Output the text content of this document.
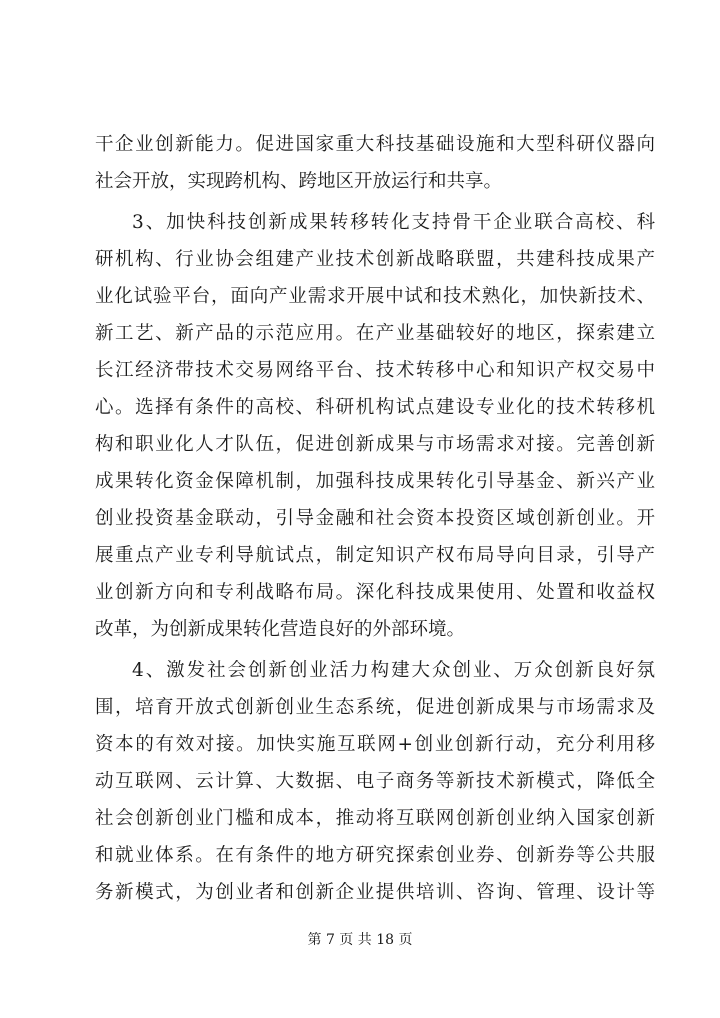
干企业创新能力。促进国家重大科技基础设施和大型科研仪器向
社会开放，实现跨机构、跨地区开放运行和共享。
3、加快科技创新成果转移转化支持骨干企业联合高校、科
研机构、行业协会组建产业技术创新战略联盟，共建科技成果产
业化试验平台，面向产业需求开展中试和技术熟化，加快新技术、
新工艺、新产品的示范应用。在产业基础较好的地区，探索建立
长江经济带技术交易网络平台、技术转移中心和知识产权交易中
心。选择有条件的高校、科研机构试点建设专业化的技术转移机
构和职业化人才队伍，促进创新成果与市场需求对接。完善创新
成果转化资金保障机制，加强科技成果转化引导基金、新兴产业
创业投资基金联动，引导金融和社会资本投资区域创新创业。开
展重点产业专利导航试点，制定知识产权布局导向目录，引导产
业创新方向和专利战略布局。深化科技成果使用、处置和收益权
改革，为创新成果转化营造良好的外部环境。
4、激发社会创新创业活力构建大众创业、万众创新良好氛
围，培育开放式创新创业生态系统，促进创新成果与市场需求及
资本的有效对接。加快实施互联网+创业创新行动，充分利用移
动互联网、云计算、大数据、电子商务等新技术新模式，降低全
社会创新创业门槛和成本，推动将互联网创新创业纳入国家创新
和就业体系。在有条件的地方研究探索创业券、创新券等公共服
务新模式，为创业者和创新企业提供培训、咨询、管理、设计等
第 7 页 共 18 页
